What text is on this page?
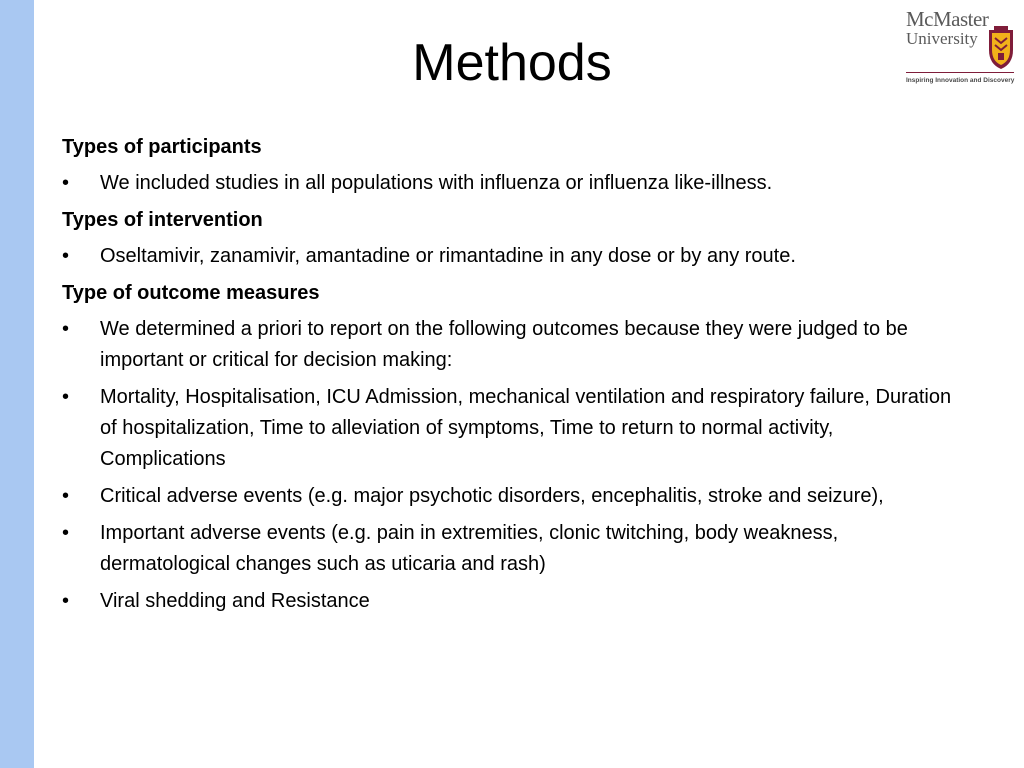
Methods
McMaster
University
Inspiring Innovation and Discovery
Types of participants
• We included studies in all populations with influenza or influenza like-illness.
Types of intervention
• Oseltamivir, zanamivir, amantadine or rimantadine in any dose or by any route.
Type of outcome measures
• We determined a priori to report on the following outcomes because they were judged to be important or critical for decision making:
• Mortality, Hospitalisation, ICU Admission, mechanical ventilation and respiratory failure, Duration of hospitalization, Time to alleviation of symptoms, Time to return to normal activity, Complications
• Critical adverse events (e.g. major psychotic disorders, encephalitis, stroke and seizure),
• Important adverse events (e.g. pain in extremities, clonic twitching, body weakness, dermatological changes such as uticaria and rash)
• Viral shedding and Resistance
